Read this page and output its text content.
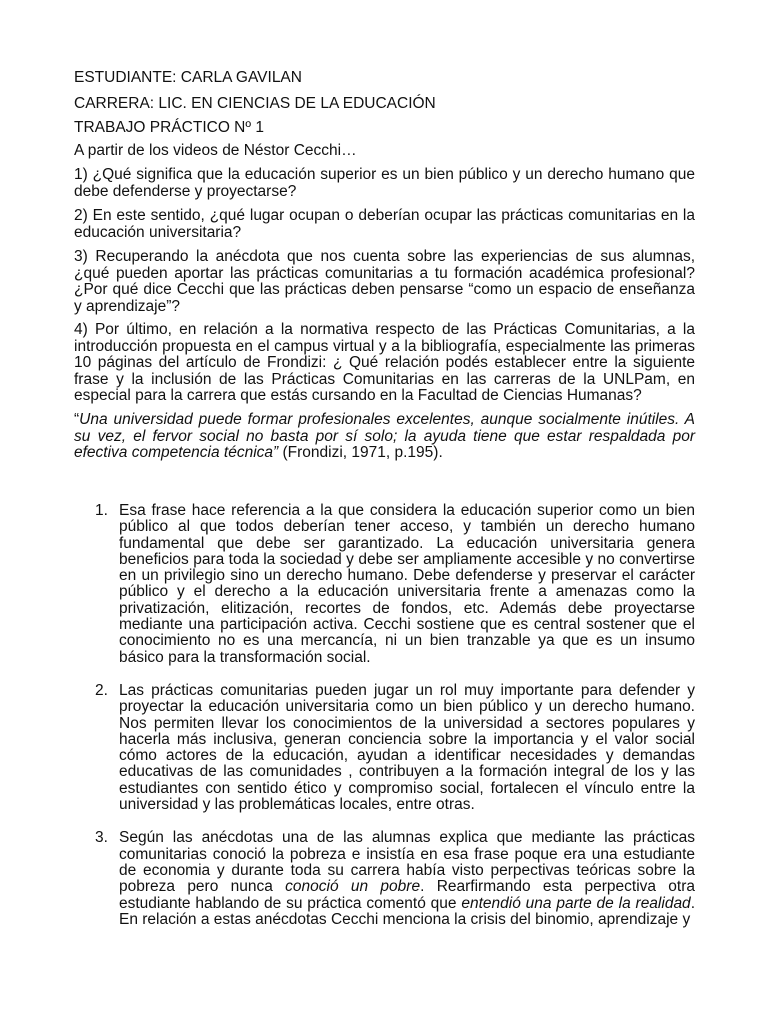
ESTUDIANTE: CARLA GAVILAN
CARRERA: LIC. EN CIENCIAS DE LA EDUCACIÓN
TRABAJO PRÁCTICO Nº 1
A partir de los videos de Néstor Cecchi…
1) ¿Qué significa que la educación superior es un bien público y un derecho humano que debe defenderse y proyectarse?
2) En este sentido, ¿qué lugar ocupan o deberían ocupar las prácticas comunitarias en la educación universitaria?
3) Recuperando la anécdota que nos cuenta sobre las experiencias de sus alumnas, ¿qué pueden aportar las prácticas comunitarias a tu formación académica profesional? ¿Por qué dice Cecchi que las prácticas deben pensarse “como un espacio de enseñanza y aprendizaje”?
4) Por último, en relación a la normativa respecto de las Prácticas Comunitarias, a la introducción propuesta en el campus virtual y a la bibliografía, especialmente las primeras 10 páginas del artículo de Frondizi: ¿ Qué relación podés establecer entre la siguiente frase y la inclusión de las Prácticas Comunitarias en las carreras de la UNLPam, en especial para la carrera que estás cursando en la Facultad de Ciencias Humanas?
“Una universidad puede formar profesionales excelentes, aunque socialmente inútiles. A su vez, el fervor social no basta por sí solo; la ayuda tiene que estar respaldada por efectiva competencia técnica” (Frondizi, 1971, p.195).
1. Esa frase hace referencia a la que considera la educación superior como un bien público al que todos deberían tener acceso, y también un derecho humano fundamental que debe ser garantizado. La educación universitaria genera beneficios para toda la sociedad y debe ser ampliamente accesible y no convertirse en un privilegio sino un derecho humano. Debe defenderse y preservar el carácter público y el derecho a la educación universitaria frente a amenazas como la privatización, elitización, recortes de fondos, etc. Además debe proyectarse mediante una participación activa. Cecchi sostiene que es central sostener que el conocimiento no es una mercancía, ni un bien tranzable ya que es un insumo básico para la transformación social.
2. Las prácticas comunitarias pueden jugar un rol muy importante para defender y proyectar la educación universitaria como un bien público y un derecho humano. Nos permiten llevar los conocimientos de la universidad a sectores populares y hacerla más inclusiva, generan conciencia sobre la importancia y el valor social cómo actores de la educación, ayudan a identificar necesidades y demandas educativas de las comunidades , contribuyen a la formación integral de los y las estudiantes con sentido ético y compromiso social, fortalecen el vínculo entre la universidad y las problemáticas locales, entre otras.
3. Según las anécdotas una de las alumnas explica que mediante las prácticas comunitarias conoció la pobreza e insistía en esa frase poque era una estudiante de economia y durante toda su carrera había visto perpectivas teóricas sobre la pobreza pero nunca conoció un pobre. Rearfirmando esta perpectiva otra estudiante hablando de su práctica comentó que entendió una parte de la realidad. En relación a estas anécdotas Cecchi menciona la crisis del binomio, aprendizaje y
